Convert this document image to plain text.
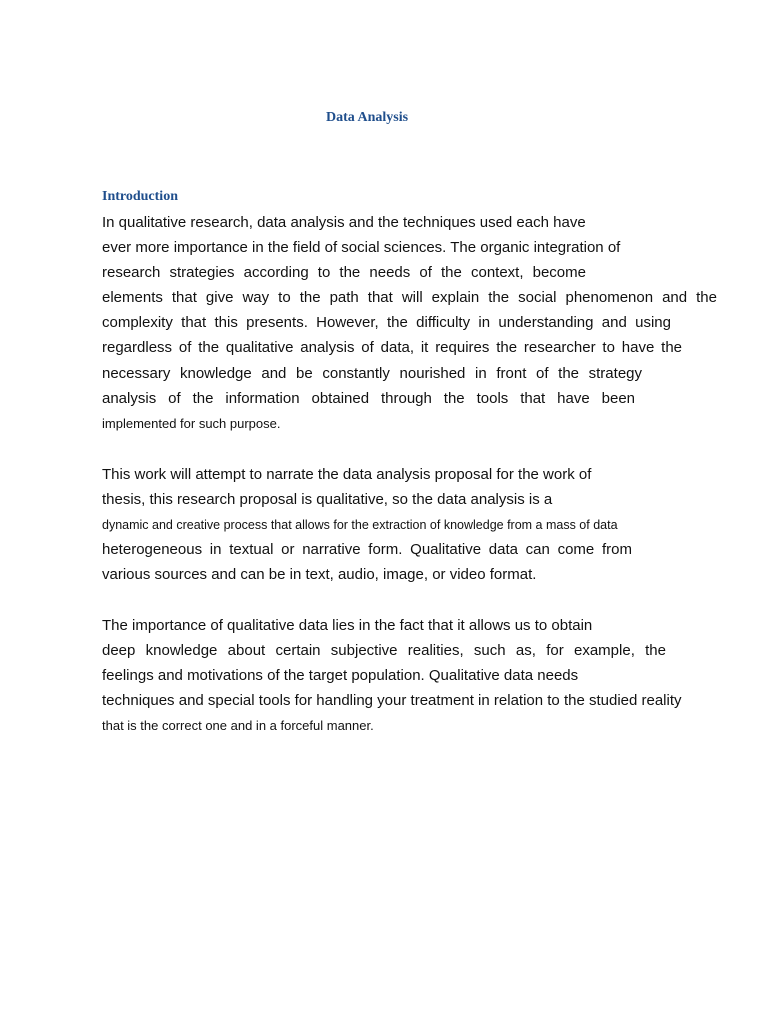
Data Analysis
Introduction
In qualitative research, data analysis and the techniques used each have
ever more importance in the field of social sciences. The organic integration of
research strategies according to the needs of the context, become
elements that give way to the path that will explain the social phenomenon and the
complexity that this presents. However, the difficulty in understanding and using
regardless of the qualitative analysis of data, it requires the researcher to have the
necessary knowledge and be constantly nourished in front of the strategy
analysis of the information obtained through the tools that have been
implemented for such purpose.
This work will attempt to narrate the data analysis proposal for the work of
thesis, this research proposal is qualitative, so the data analysis is a
dynamic and creative process that allows for the extraction of knowledge from a mass of data
heterogeneous in textual or narrative form. Qualitative data can come from
various sources and can be in text, audio, image, or video format.
The importance of qualitative data lies in the fact that it allows us to obtain
deep knowledge about certain subjective realities, such as, for example, the
feelings and motivations of the target population. Qualitative data needs
techniques and special tools for handling your treatment in relation to the studied reality
that is the correct one and in a forceful manner.
